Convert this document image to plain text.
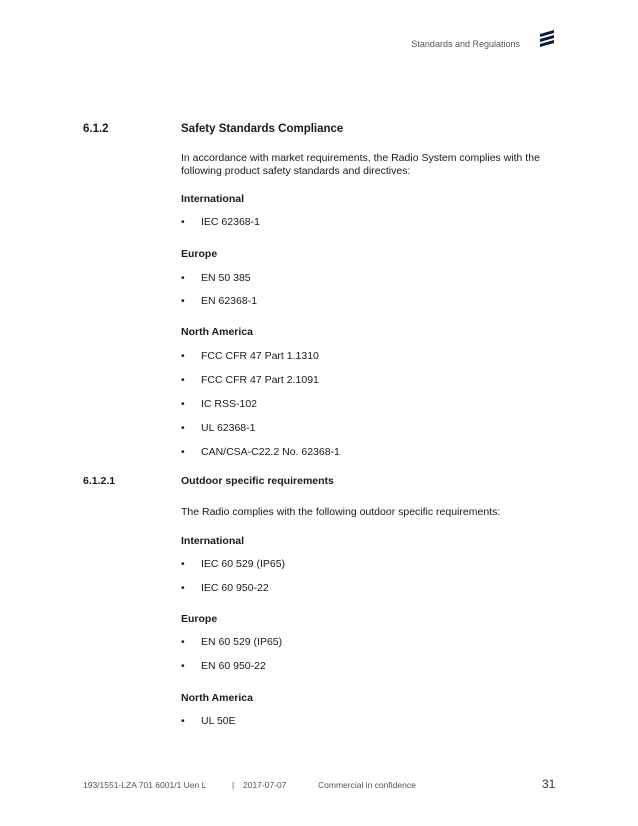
Standards and Regulations
6.1.2	Safety Standards Compliance
In accordance with market requirements, the Radio System complies with the following product safety standards and directives:
International
• IEC 62368-1
Europe
• EN 50 385
• EN 62368-1
North America
• FCC CFR 47 Part 1.1310
• FCC CFR 47 Part 2.1091
• IC RSS-102
• UL 62368-1
• CAN/CSA-C22.2 No. 62368-1
6.1.2.1	Outdoor specific requirements
The Radio complies with the following outdoor specific requirements:
International
• IEC 60 529 (IP65)
• IEC 60 950-22
Europe
• EN 60 529 (IP65)
• EN 60 950-22
North America
• UL 50E
193/1551-LZA 701 6001/1 Uen L	| 2017-07-07	Commercial in confidence	31
